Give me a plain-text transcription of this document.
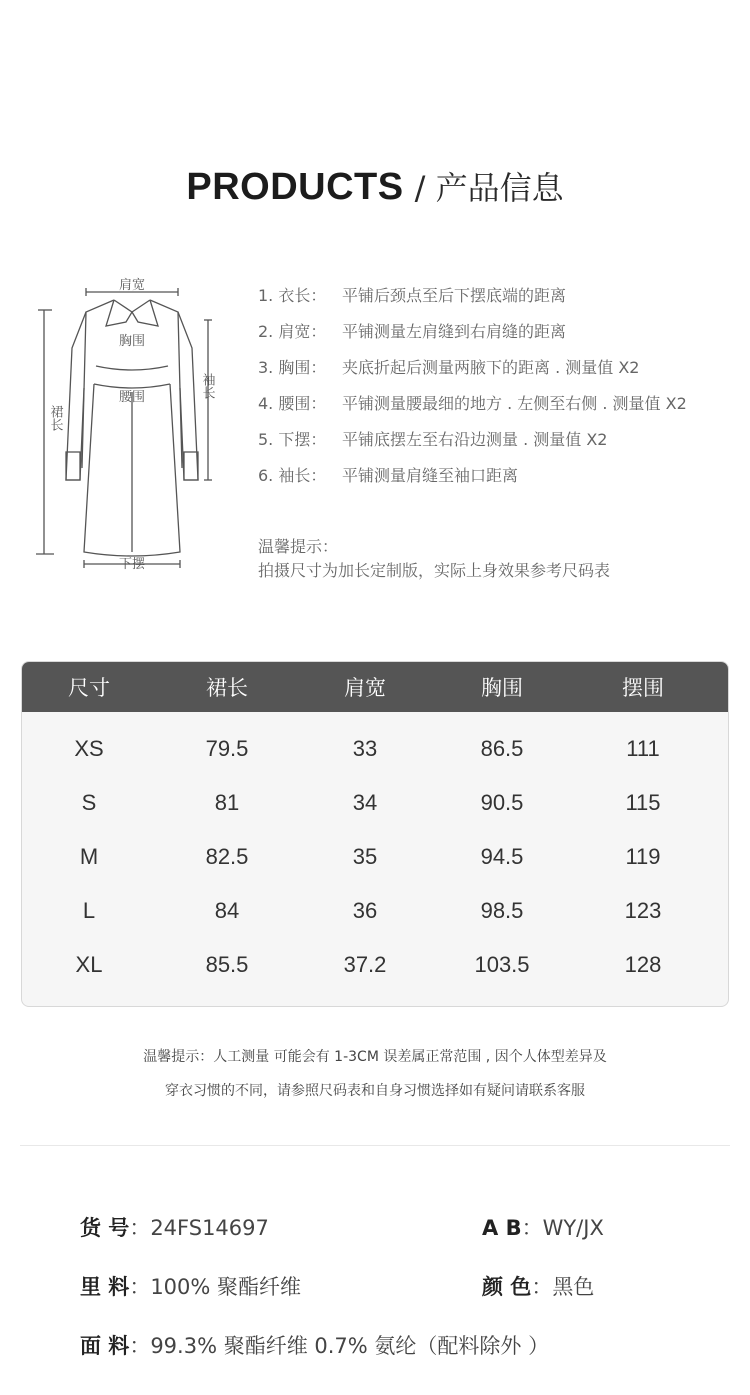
PRODUCTS / 产品信息
肩宽
胸围
腰围
下摆
裙长
袖长
1. 衣长： 平铺后颈点至后下摆底端的距离
2. 肩宽： 平铺测量左肩缝到右肩缝的距离
3. 胸围： 夹底折起后测量两腋下的距离 . 测量值 X2
4. 腰围： 平铺测量腰最细的地方 . 左侧至右侧 . 测量值 X2
5. 下摆： 平铺底摆左至右沿边测量 . 测量值 X2
6. 袖长： 平铺测量肩缝至袖口距离
温馨提示：
拍摄尺寸为加长定制版，实际上身效果参考尺码表
尺寸	裙长	肩宽	胸围	摆围
XS	79.5	33	86.5	111
S	81	34	90.5	115
M	82.5	35	94.5	119
L	84	36	98.5	123
XL	85.5	37.2	103.5	128
温馨提示：人工测量 可能会有 1-3CM 误差属正常范围 , 因个人体型差异及
穿衣习惯的不同，请参照尺码表和自身习惯选择如有疑问请联系客服
货 号：24FS14697	A B：WY/JX
里 料：100% 聚酯纤维	颜 色：黑色
面 料：99.3% 聚酯纤维 0.7% 氨纶（配料除外 ）
